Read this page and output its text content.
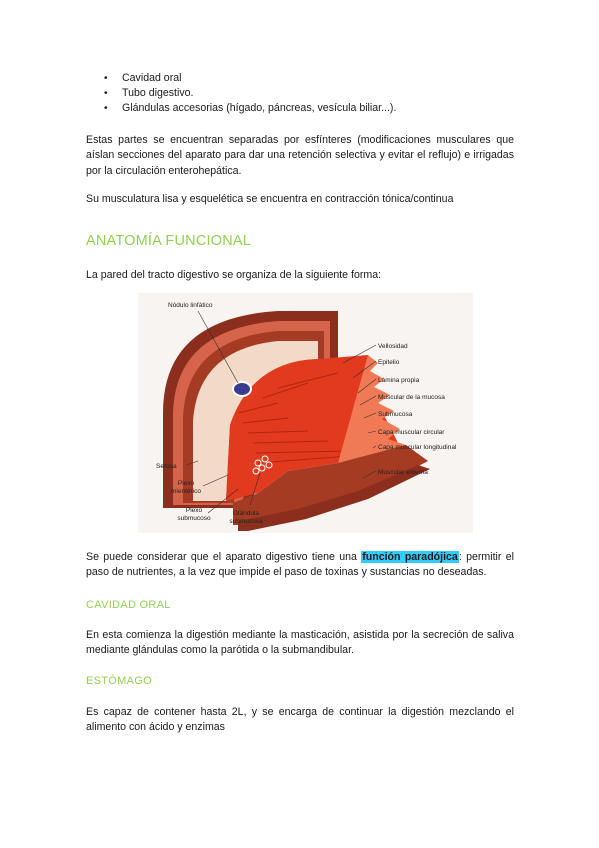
• Cavidad oral
• Tubo digestivo.
• Glándulas accesorias (hígado, páncreas, vesícula biliar...).

Estas partes se encuentran separadas por esfínteres (modificaciones musculares que aíslan secciones del aparato para dar una retención selectiva y evitar el reflujo) e irrigadas por la circulación enterohepática.

Su musculatura lisa y esquelética se encuentra en contracción tónica/continua

ANATOMÍA FUNCIONAL

La pared del tracto digestivo se organiza de la siguiente forma:

Nódulo linfático
Vellosidad
Epitelio
Lámina propia
Muscular de la mucosa
Submucosa
Capa muscular circular
Capa muscular longitudinal
Muscular externa
Serosa
Plexo
mientérico
Plexo
submucoso
Glándula
submucosa

Se puede considerar que el aparato digestivo tiene una función paradójica: permitir el paso de nutrientes, a la vez que impide el paso de toxinas y sustancias no deseadas.

CAVIDAD ORAL

En esta comienza la digestión mediante la masticación, asistida por la secreción de saliva mediante glándulas como la parótida o la submandibular.

ESTÓMAGO

Es capaz de contener hasta 2L, y se encarga de continuar la digestión mezclando el alimento con ácido y enzimas
